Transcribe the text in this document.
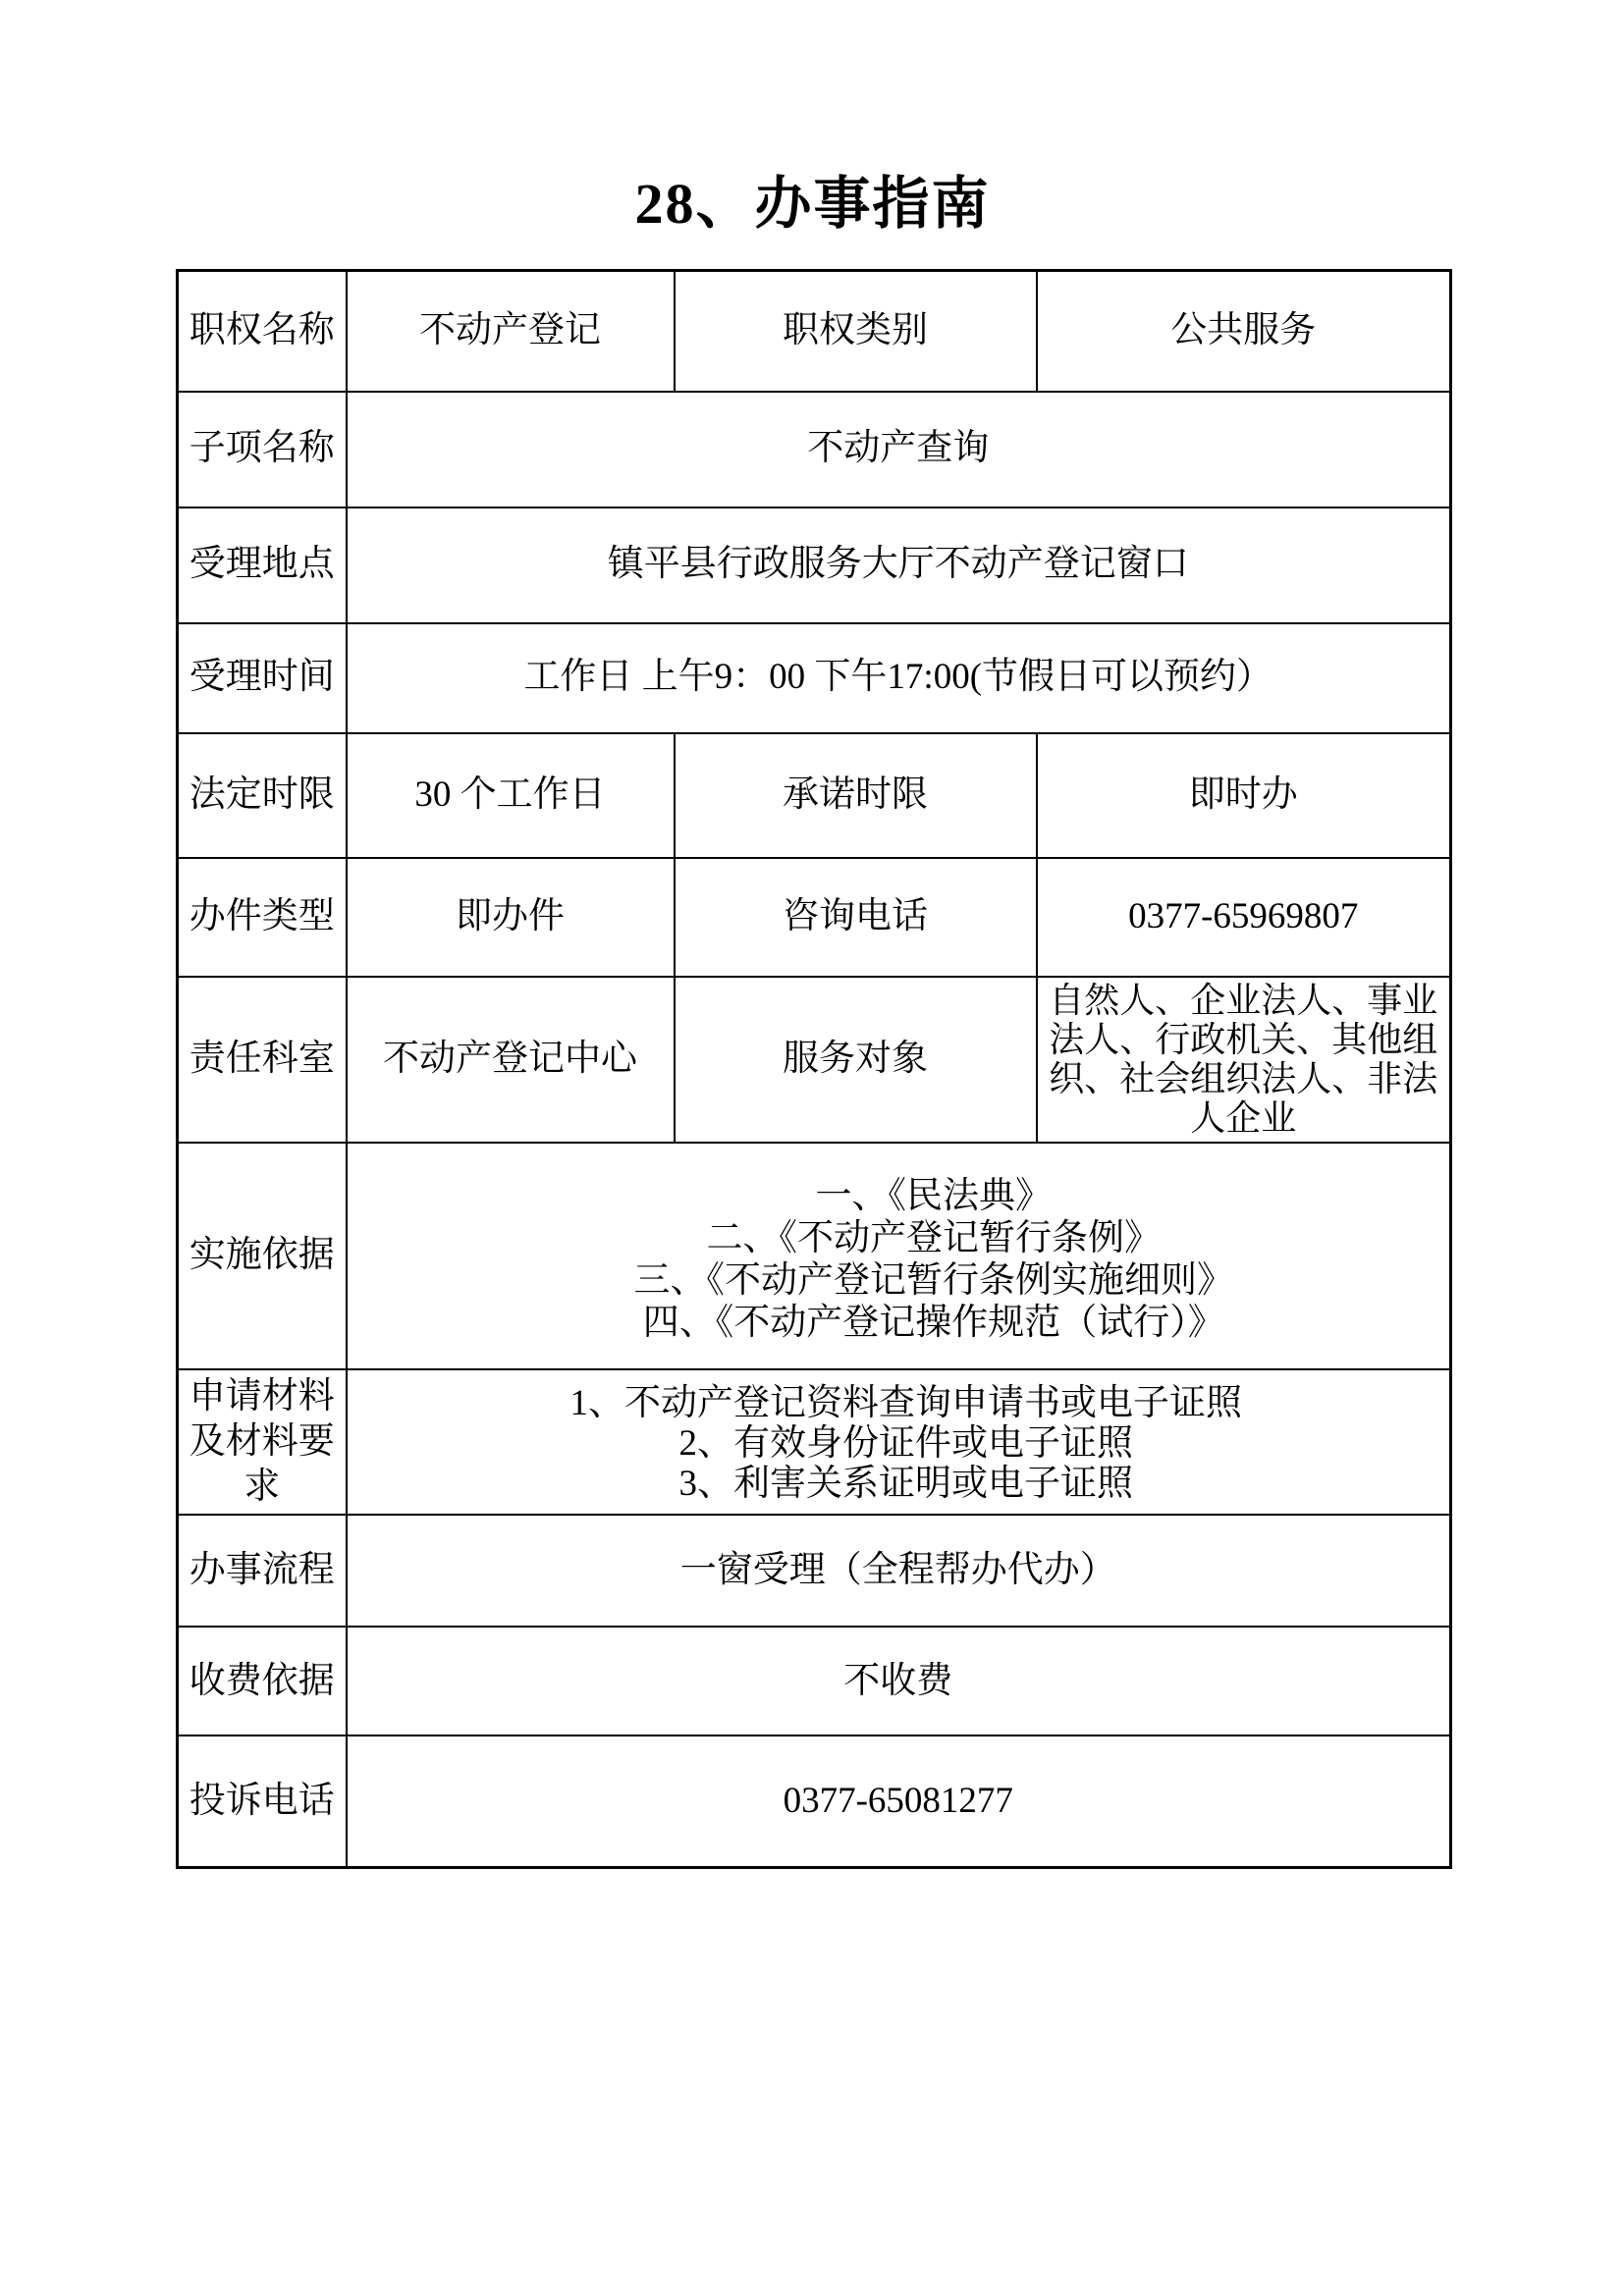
28、办事指南
职权名称	不动产登记	职权类别	公共服务
子项名称	不动产查询		
受理地点	镇平县行政服务大厅不动产登记窗口		
受理时间	工作日 上午9：00 下午17:00(节假日可以预约）		
法定时限	30 个工作日	承诺时限	即时办
办件类型	即办件	咨询电话	0377-65969807
责任科室	不动产登记中心	服务对象	自然人、企业法人、事业法人、行政机关、其他组织、社会组织法人、非法人企业
实施依据	一、《民法典》
二、《不动产登记暂行条例》
三、《不动产登记暂行条例实施细则》
四、《不动产登记操作规范（试行）》		

申请材料及材料要求	1、不动产登记资料查询申请书或电子证照
2、有效身份证件或电子证照
3、利害关系证明或电子证照		

办事流程	一窗受理（全程帮办代办）		
收费依据	不收费		
投诉电话	0377-65081277		
